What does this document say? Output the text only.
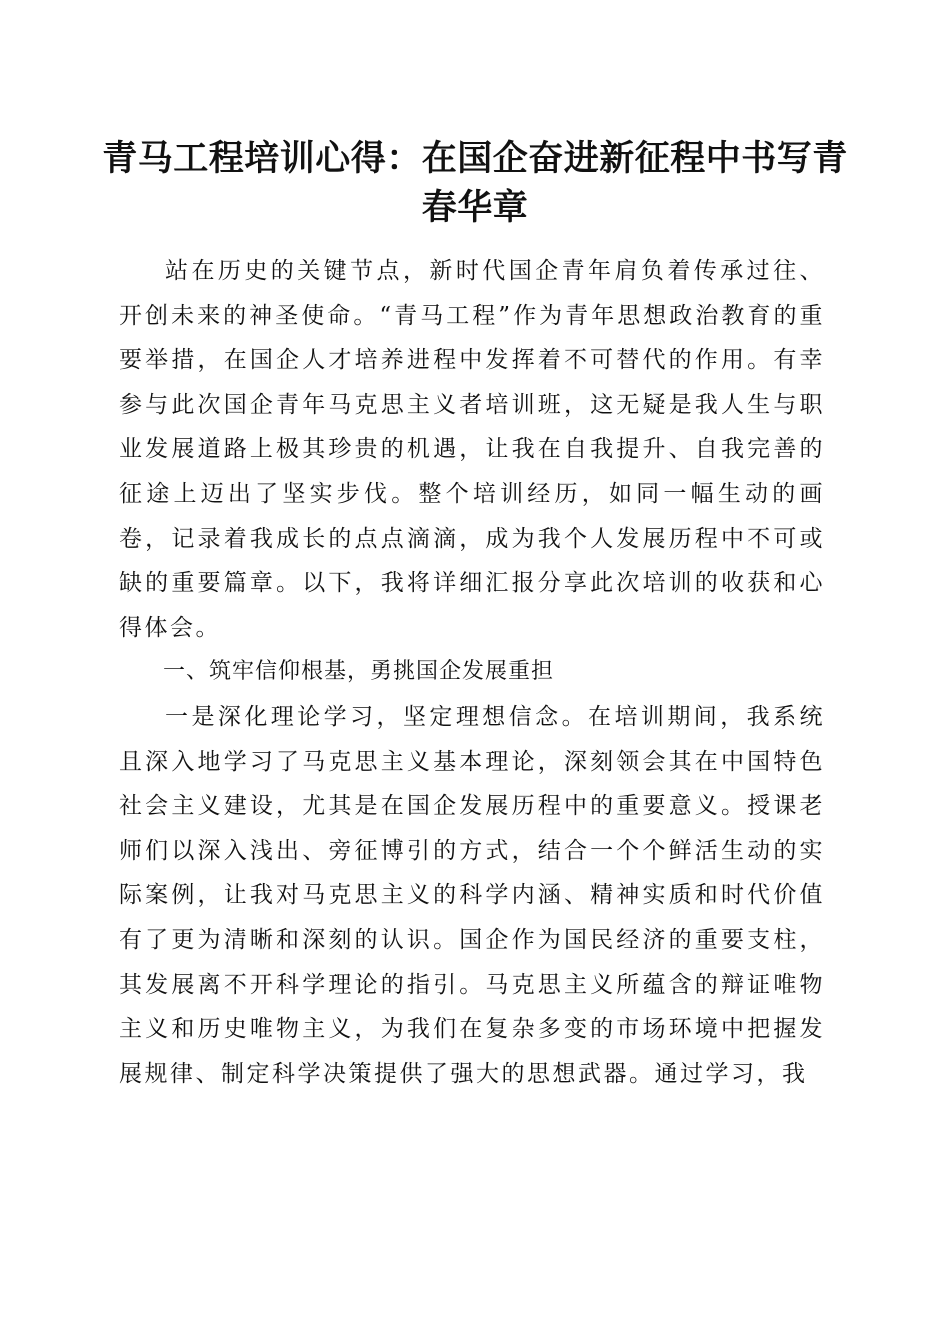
青马工程培训心得：在国企奋进新征程中书写青春华章

站在历史的关键节点，新时代国企青年肩负着传承过往、开创未来的神圣使命。“青马工程”作为青年思想政治教育的重要举措，在国企人才培养进程中发挥着不可替代的作用。有幸参与此次国企青年马克思主义者培训班，这无疑是我人生与职业发展道路上极其珍贵的机遇，让我在自我提升、自我完善的征途上迈出了坚实步伐。整个培训经历，如同一幅生动的画卷，记录着我成长的点点滴滴，成为我个人发展历程中不可或缺的重要篇章。以下，我将详细汇报分享此次培训的收获和心得体会。

一、筑牢信仰根基，勇挑国企发展重担

一是深化理论学习，坚定理想信念。在培训期间，我系统且深入地学习了马克思主义基本理论，深刻领会其在中国特色社会主义建设，尤其是在国企发展历程中的重要意义。授课老师们以深入浅出、旁征博引的方式，结合一个个鲜活生动的实际案例，让我对马克思主义的科学内涵、精神实质和时代价值有了更为清晰和深刻的认识。国企作为国民经济的重要支柱，其发展离不开科学理论的指引。马克思主义所蕴含的辩证唯物主义和历史唯物主义，为我们在复杂多变的市场环境中把握发展规律、制定科学决策提供了强大的思想武器。通过学习，我
